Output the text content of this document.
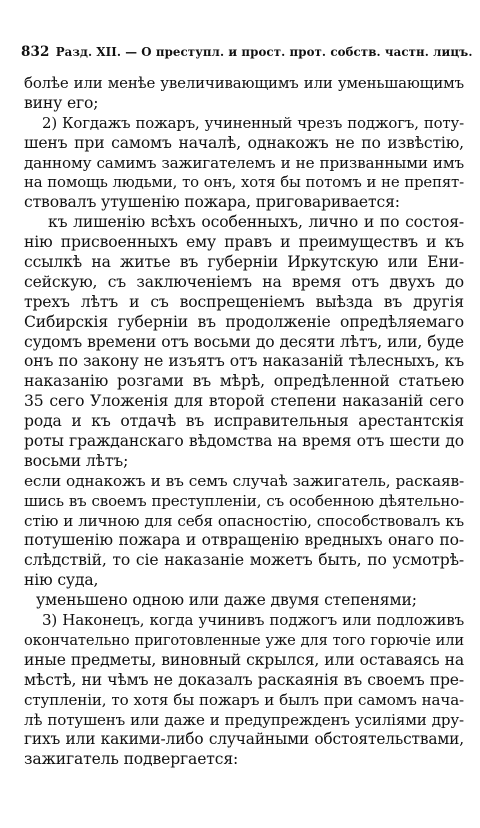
832 Разд. XII. — О преступл. и прост. прот. собств. частн. лицъ.
болѣе или менѣе увеличивающимъ или уменьшающимъ
вину его;
2) Когдажъ пожаръ, учиненный чрезъ поджогъ, поту-
шенъ при самомъ началѣ, однакожъ не по извѣстію,
данному самимъ зажигателемъ и не призванными имъ
на помощь людьми, то онъ, хотя бы потомъ и не препят-
ствовалъ утушенію пожара, приговаривается:
къ лишенію всѣхъ особенныхъ, лично и по состоя-
нію присвоенныхъ ему правъ и преимуществъ и къ
ссылкѣ на житье въ губерніи Иркутскую или Ени-
сейскую, съ заключеніемъ на время отъ двухъ до
трехъ лѣтъ и съ воспрещеніемъ выѣзда въ другія
Сибирскія губерніи въ продолженіе опредѣляемаго
судомъ времени отъ восьми до десяти лѣтъ, или, буде
онъ по закону не изъятъ отъ наказаній тѣлесныхъ, къ
наказанію розгами въ мѣрѣ, опредѣленной статьею
35 сего Уложенія для второй степени наказаній сего
рода и къ отдачѣ въ исправительныя арестантскія
роты гражданскаго вѣдомства на время отъ шести до
восьми лѣтъ;
если однакожъ и въ семъ случаѣ зажигатель, раскаяв-
шись въ своемъ преступленіи, съ особенною дѣятельно-
стію и личною для себя опасностію, способствовалъ къ
потушенію пожара и отвращенію вредныхъ онаго по-
слѣдствій, то сіе наказаніе можетъ быть, по усмотрѣ-
нію суда,
уменьшено одною или даже двумя степенями;
3) Наконецъ, когда учинивъ поджогъ или подложивъ
окончательно приготовленные уже для того горючіе или
иные предметы, виновный скрылся, или оставаясь на
мѣстѣ, ни чѣмъ не доказалъ раскаянія въ своемъ пре-
ступленіи, то хотя бы пожаръ и былъ при самомъ нача-
лѣ потушенъ или даже и предупрежденъ усиліями дру-
гихъ или какими-либо случайными обстоятельствами,
зажигатель подвергается:
